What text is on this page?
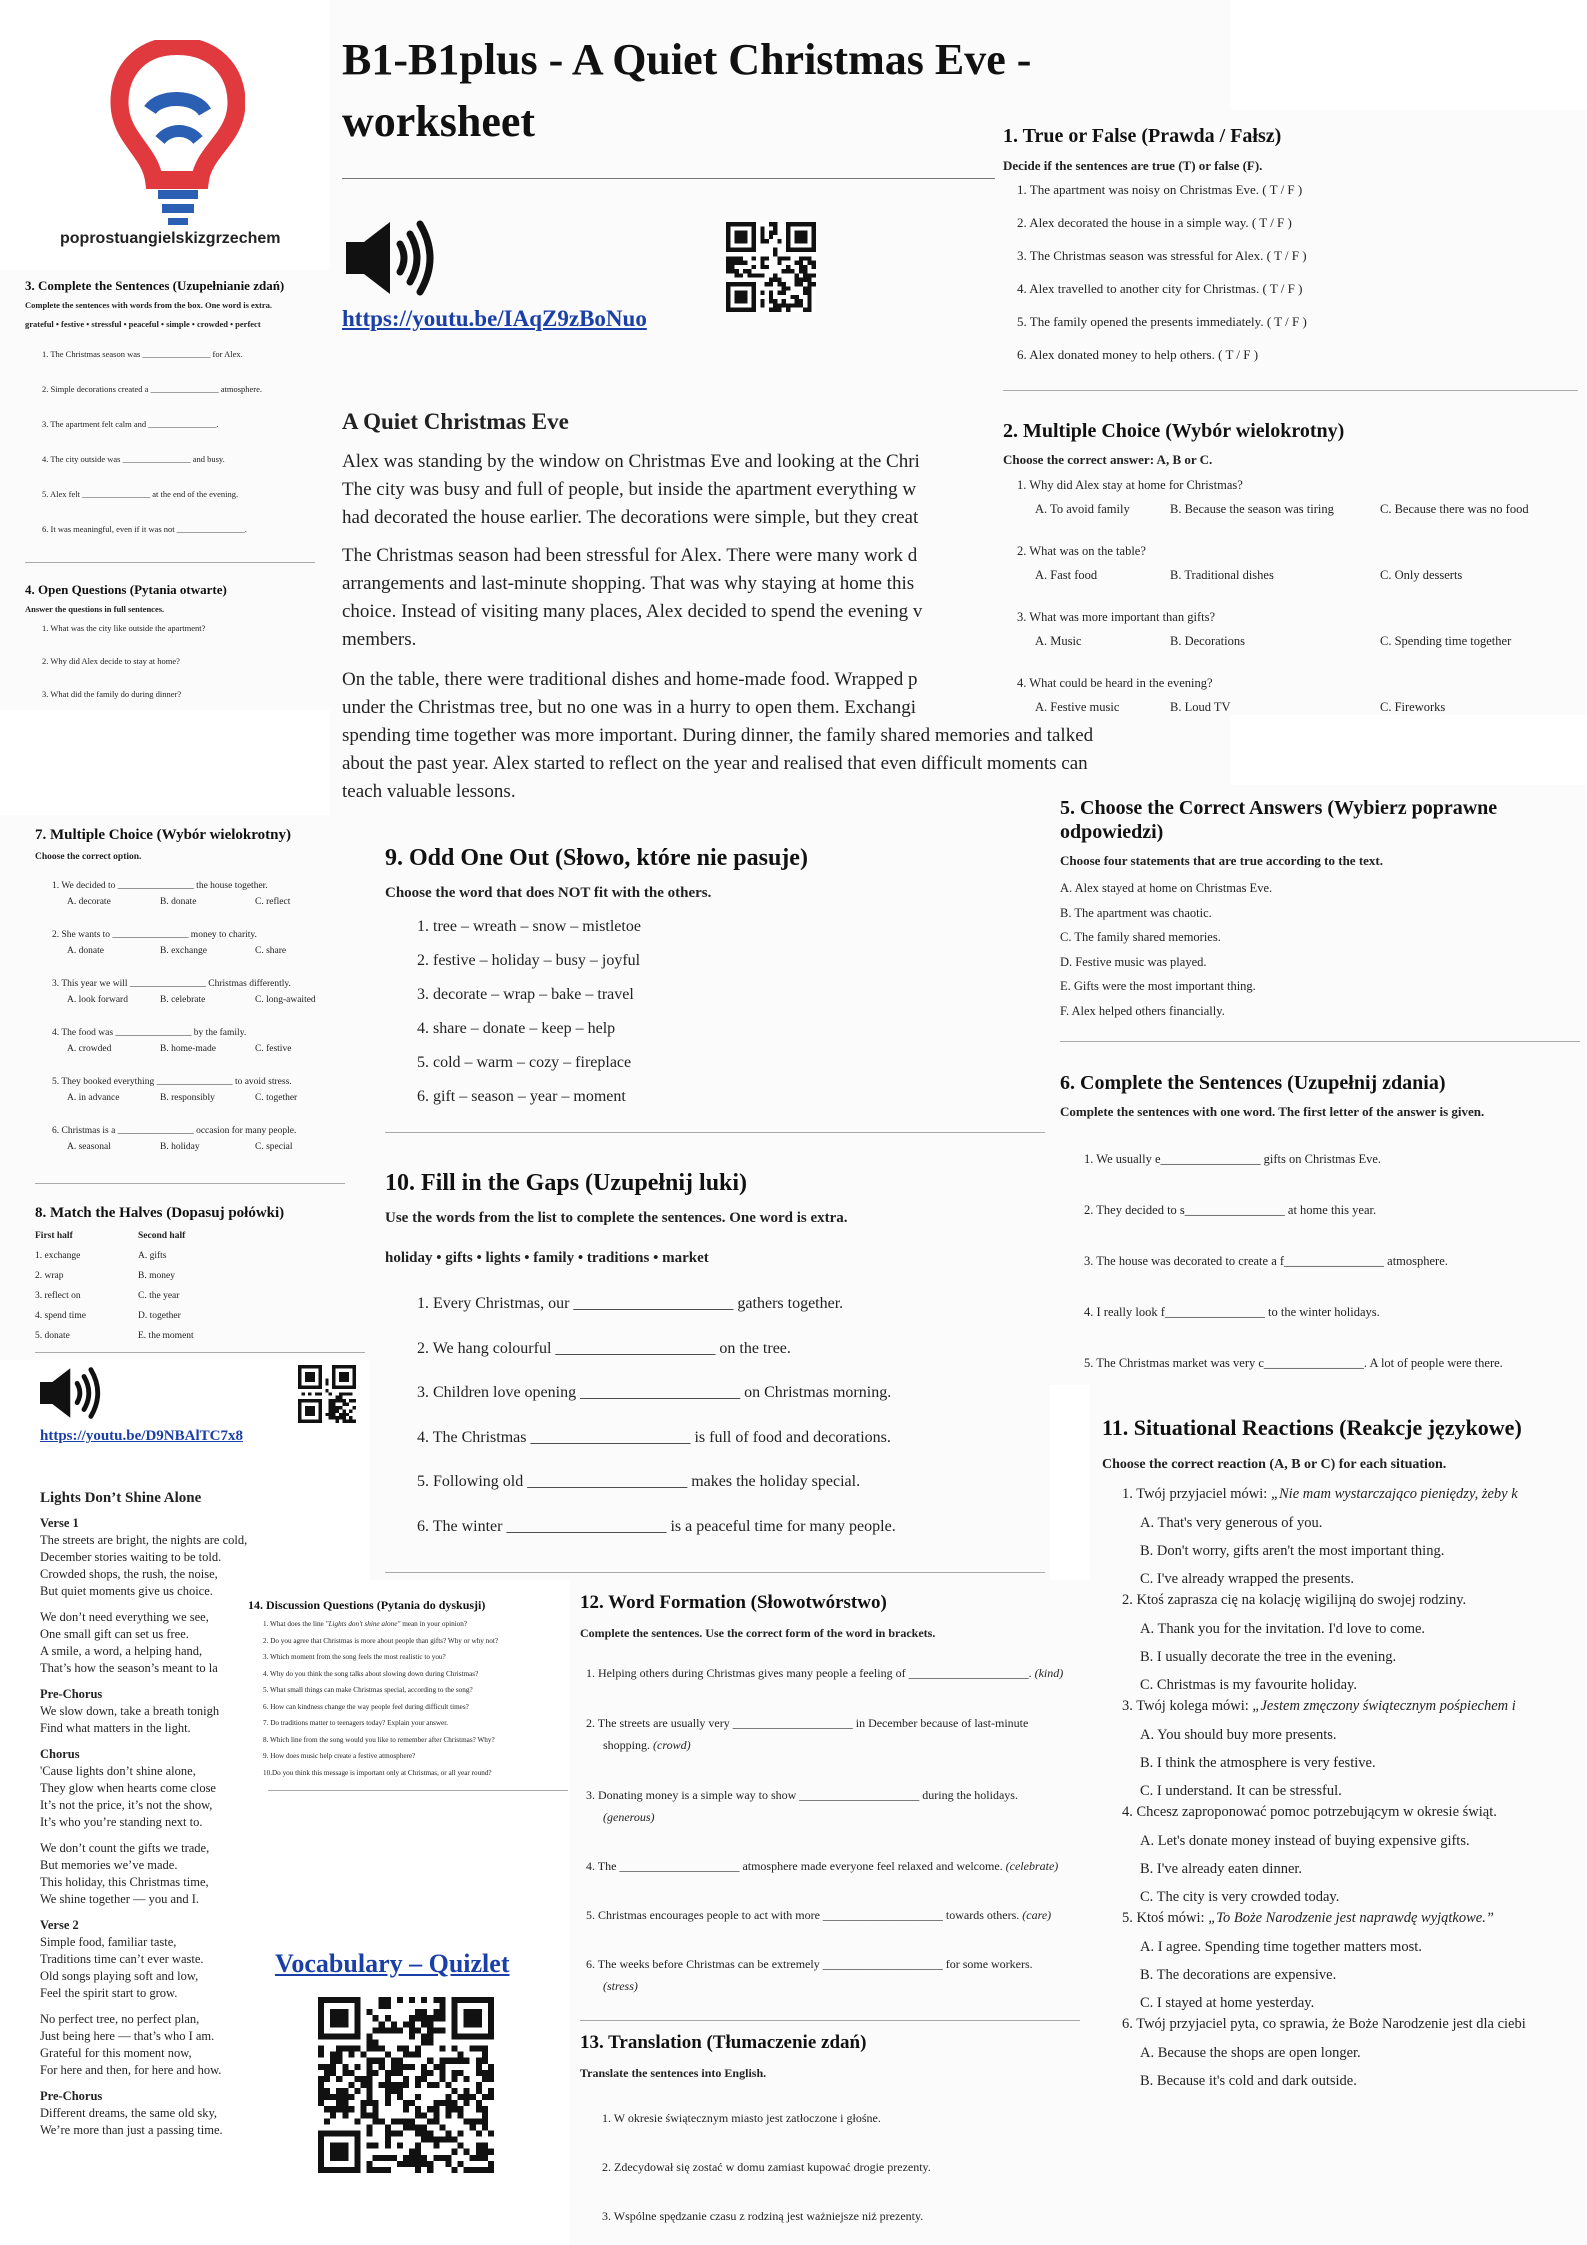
poprostuangielskizgrzechem
B1-B1plus - A Quiet Christmas Eve -
worksheet
https://youtu.be/IAqZ9zBoNuo
A Quiet Christmas Eve

Alex was standing by the window on Christmas Eve and looking at the Chri
The city was busy and full of people, but inside the apartment everything w
had decorated the house earlier. The decorations were simple, but they creat

The Christmas season had been stressful for Alex. There were many work d
arrangements and last-minute shopping. That was why staying at home this
choice. Instead of visiting many places, Alex decided to spend the evening v
members.

On the table, there were traditional dishes and home-made food. Wrapped p
under the Christmas tree, but no one was in a hurry to open them. Exchangi
spending time together was more important. During dinner, the family shared memories and talked
about the past year. Alex started to reflect on the year and realised that even difficult moments can
teach valuable lessons.

1. True or False (Prawda / Fałsz)
Decide if the sentences are true (T) or false (F).
2. Multiple Choice (Wybór wielokrotny)
Choose the correct answer: A, B or C.
1. The apartment was noisy on Christmas Eve. ( T / F )
2. Alex decorated the house in a simple way. ( T / F )
3. The Christmas season was stressful for Alex. ( T / F )
4. Alex travelled to another city for Christmas. ( T / F )
5. The family opened the presents immediately. ( T / F )
6. Alex donated money to help others. ( T / F )
1. Why did Alex stay at home for Christmas?
A. To avoid family	B. Because the season was tiring	C. Because there was no food
2. What was on the table?
A. Fast food	B. Traditional dishes	C. Only desserts
3. What was more important than gifts?
A. Music	B. Decorations	C. Spending time together
4. What could be heard in the evening?
A. Festive music	B. Loud TV	C. Fireworks
3. Complete the Sentences (Uzupełnianie zdań)
Complete the sentences with words from the box. One word is extra.
grateful • festive • stressful • peaceful • simple • crowded • perfect
4. Open Questions (Pytania otwarte)
Answer the questions in full sentences.
1. The Christmas season was ________________ for Alex.
2. Simple decorations created a ________________ atmosphere.
3. The apartment felt calm and ________________.
4. The city outside was ________________ and busy.
5. Alex felt ________________ at the end of the evening.
6. It was meaningful, even if it was not ________________.
1. What was the city like outside the apartment?
2. Why did Alex decide to stay at home?
3. What did the family do during dinner?
5. Choose the Correct Answers (Wybierz poprawne
odpowiedzi)
Choose four statements that are true according to the text.
6. Complete the Sentences (Uzupełnij zdania)
Complete the sentences with one word. The first letter of the answer is given.
A. Alex stayed at home on Christmas Eve.
B. The apartment was chaotic.
C. The family shared memories.
D. Festive music was played.
E. Gifts were the most important thing.
F. Alex helped others financially.
1. We usually e________________ gifts on Christmas Eve.
2. They decided to s________________ at home this year.
3. The house was decorated to create a f________________ atmosphere.
4. I really look f________________ to the winter holidays.
5. The Christmas market was very c________________. A lot of people were there.
7. Multiple Choice (Wybór wielokrotny)
Choose the correct option.
8. Match the Halves (Dopasuj połówki)
First half	Second half
1. We decided to ________________ the house together.
A. decorate	B. donate	C. reflect
2. She wants to ________________ money to charity.
A. donate	B. exchange	C. share
3. This year we will ________________ Christmas differently.
A. look forward	B. celebrate	C. long-awaited
4. The food was ________________ by the family.
A. crowded	B. home-made	C. festive
5. They booked everything ________________ to avoid stress.
A. in advance	B. responsibly	C. together
6. Christmas is a ________________ occasion for many people.
A. seasonal	B. holiday	C. special
1. exchange	A. gifts
2. wrap	B. money
3. reflect on	C. the year
4. spend time	D. together
5. donate	E. the moment
9. Odd One Out (Słowo, które nie pasuje)
Choose the word that does NOT fit with the others.
10. Fill in the Gaps (Uzupełnij luki)
Use the words from the list to complete the sentences. One word is extra.
holiday • gifts • lights • family • traditions • market
1. tree – wreath – snow – mistletoe
2. festive – holiday – busy – joyful
3. decorate – wrap – bake – travel
4. share – donate – keep – help
5. cold – warm – cozy – fireplace
6. gift – season – year – moment
1. Every Christmas, our ____________________ gathers together.
2. We hang colourful ____________________ on the tree.
3. Children love opening ____________________ on Christmas morning.
4. The Christmas ____________________ is full of food and decorations.
5. Following old ____________________ makes the holiday special.
6. The winter ____________________ is a peaceful time for many people.
11. Situational Reactions (Reakcje językowe)
Choose the correct reaction (A, B or C) for each situation.
1. Twój przyjaciel mówi: „Nie mam wystarczająco pieniędzy, żeby k
A. That's very generous of you.
B. Don't worry, gifts aren't the most important thing.
C. I've already wrapped the presents.
2. Ktoś zaprasza cię na kolację wigilijną do swojej rodziny.
A. Thank you for the invitation. I'd love to come.
B. I usually decorate the tree in the evening.
C. Christmas is my favourite holiday.
3. Twój kolega mówi: „Jestem zmęczony świątecznym pośpiechem i
A. You should buy more presents.
B. I think the atmosphere is very festive.
C. I understand. It can be stressful.
4. Chcesz zaproponować pomoc potrzebującym w okresie świąt.
A. Let's donate money instead of buying expensive gifts.
B. I've already eaten dinner.
C. The city is very crowded today.
5. Ktoś mówi: „To Boże Narodzenie jest naprawdę wyjątkowe.”
A. I agree. Spending time together matters most.
B. The decorations are expensive.
C. I stayed at home yesterday.
6. Twój przyjaciel pyta, co sprawia, że Boże Narodzenie jest dla ciebi
A. Because the shops are open longer.
B. Because it's cold and dark outside.
https://youtu.be/D9NBAlTC7x8
Lights Don’t Shine Alone
Verse 1
The streets are bright, the nights are cold,
December stories waiting to be told.
Crowded shops, the rush, the noise,
But quiet moments give us choice.
We don’t need everything we see,
One small gift can set us free.
A smile, a word, a helping hand,
That’s how the season’s meant to la
Pre-Chorus
We slow down, take a breath tonigh
Find what matters in the light.
Chorus
'Cause lights don’t shine alone,
They glow when hearts come close
It’s not the price, it’s not the show,
It’s who you’re standing next to.
We don’t count the gifts we trade,
But memories we’ve made.
This holiday, this Christmas time,
We shine together — you and I.
Verse 2
Simple food, familiar taste,
Traditions time can’t ever waste.
Old songs playing soft and low,
Feel the spirit start to grow.
No perfect tree, no perfect plan,
Just being here — that’s who I am.
Grateful for this moment now,
For here and then, for here and how.
Pre-Chorus
Different dreams, the same old sky,
We’re more than just a passing time.
14. Discussion Questions (Pytania do dyskusji)
1. What does the line "Lights don't shine alone" mean in your opinion?
2. Do you agree that Christmas is more about people than gifts? Why or why not?
3. Which moment from the song feels the most realistic to you?
4. Why do you think the song talks about slowing down during Christmas?
5. What small things can make Christmas special, according to the song?
6. How can kindness change the way people feel during difficult times?
7. Do traditions matter to teenagers today? Explain your answer.
8. Which line from the song would you like to remember after Christmas? Why?
9. How does music help create a festive atmosphere?
10.Do you think this message is important only at Christmas, or all year round?
Vocabulary – Quizlet
12. Word Formation (Słowotwórstwo)
Complete the sentences. Use the correct form of the word in brackets.
13. Translation (Tłumaczenie zdań)
Translate the sentences into English.
1. Helping others during Christmas gives many people a feeling of ____________________. (kind)
2. The streets are usually very ____________________ in December because of last-minute
shopping. (crowd)
3. Donating money is a simple way to show ____________________ during the holidays.
(generous)
4. The ____________________ atmosphere made everyone feel relaxed and welcome. (celebrate)
5. Christmas encourages people to act with more ____________________ towards others. (care)
6. The weeks before Christmas can be extremely ____________________ for some workers.
(stress)
1. W okresie świątecznym miasto jest zatłoczone i głośne.
2. Zdecydował się zostać w domu zamiast kupować drogie prezenty.
3. Wspólne spędzanie czasu z rodziną jest ważniejsze niż prezenty.
